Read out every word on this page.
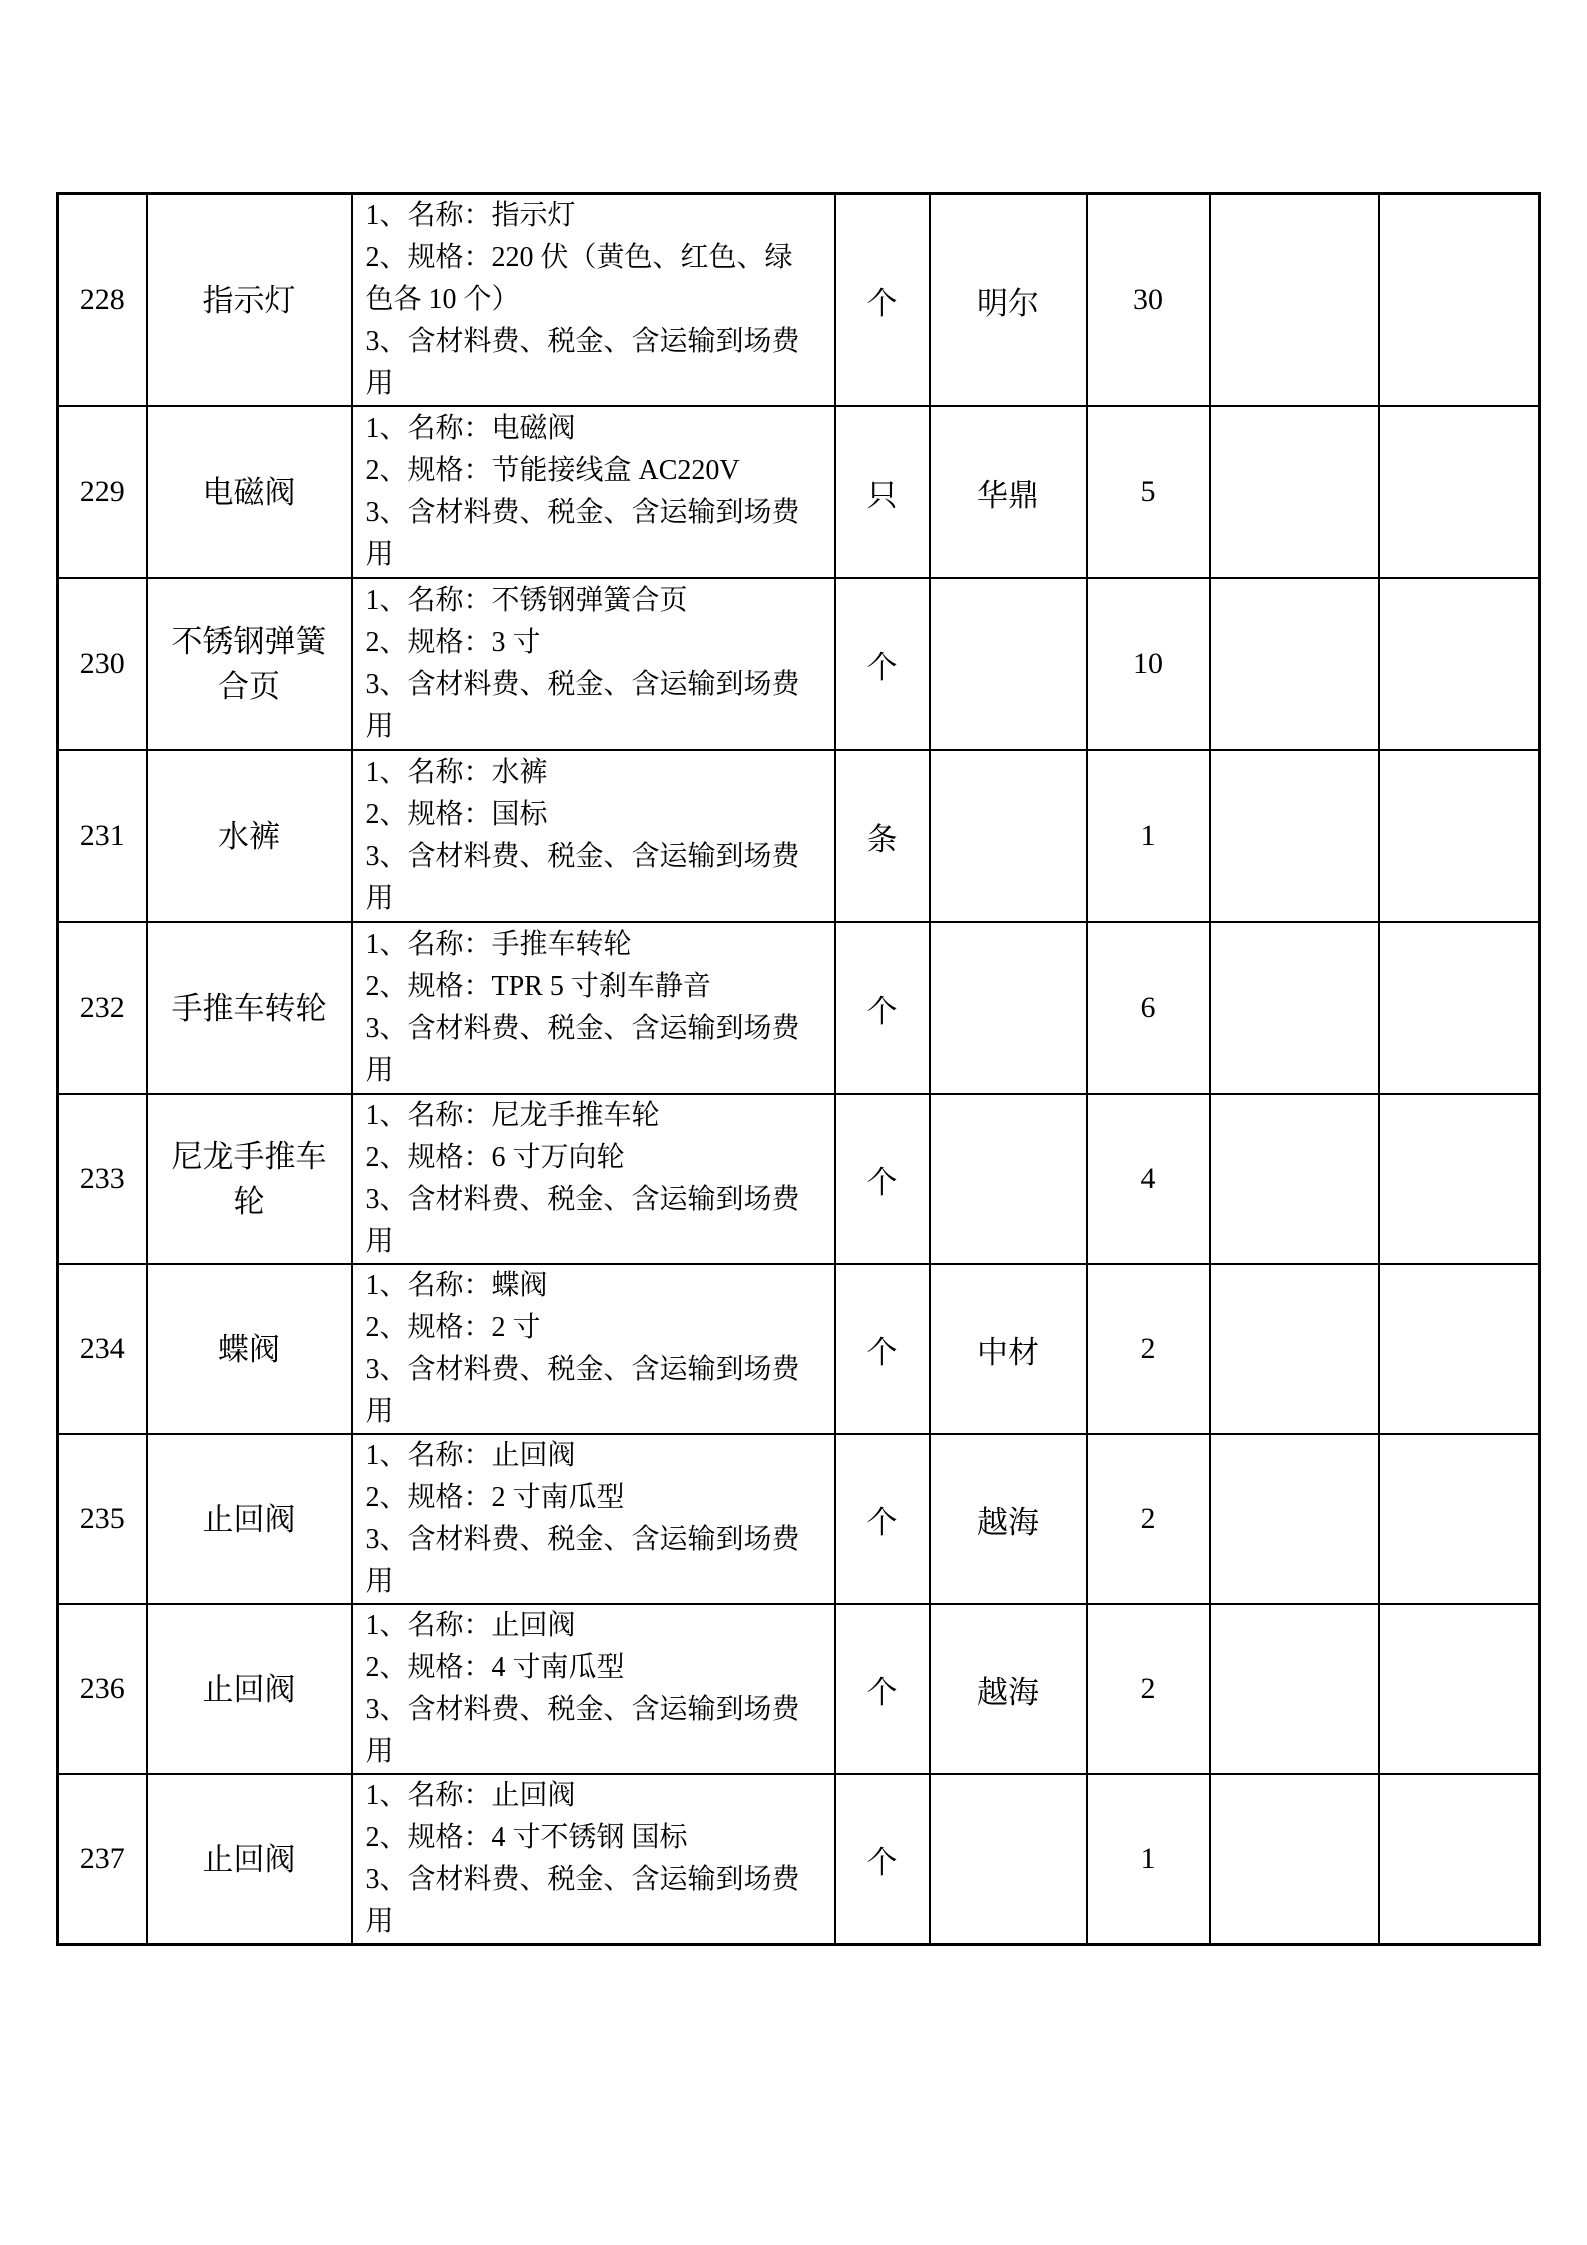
228	指示灯	1、名称：指示灯
2、规格：220 伏（黄色、红色、绿色各 10 个）
3、含材料费、税金、含运输到场费用	个	明尔	30		
229	电磁阀	1、名称：电磁阀
2、规格：节能接线盒 AC220V
3、含材料费、税金、含运输到场费用	只	华鼎	5		
230	不锈钢弹簧合页	1、名称：不锈钢弹簧合页
2、规格：3 寸
3、含材料费、税金、含运输到场费用	个		10		
231	水裤	1、名称：水裤
2、规格：国标
3、含材料费、税金、含运输到场费用	条		1		
232	手推车转轮	1、名称：手推车转轮
2、规格：TPR 5 寸刹车静音
3、含材料费、税金、含运输到场费用	个		6		
233	尼龙手推车轮	1、名称：尼龙手推车轮
2、规格：6 寸万向轮
3、含材料费、税金、含运输到场费用	个		4		
234	蝶阀	1、名称：蝶阀
2、规格：2 寸
3、含材料费、税金、含运输到场费用	个	中材	2		
235	止回阀	1、名称：止回阀
2、规格：2 寸南瓜型
3、含材料费、税金、含运输到场费用	个	越海	2		
236	止回阀	1、名称：止回阀
2、规格：4 寸南瓜型
3、含材料费、税金、含运输到场费用	个	越海	2		
237	止回阀	1、名称：止回阀
2、规格：4 寸不锈钢 国标
3、含材料费、税金、含运输到场费用	个		1		
